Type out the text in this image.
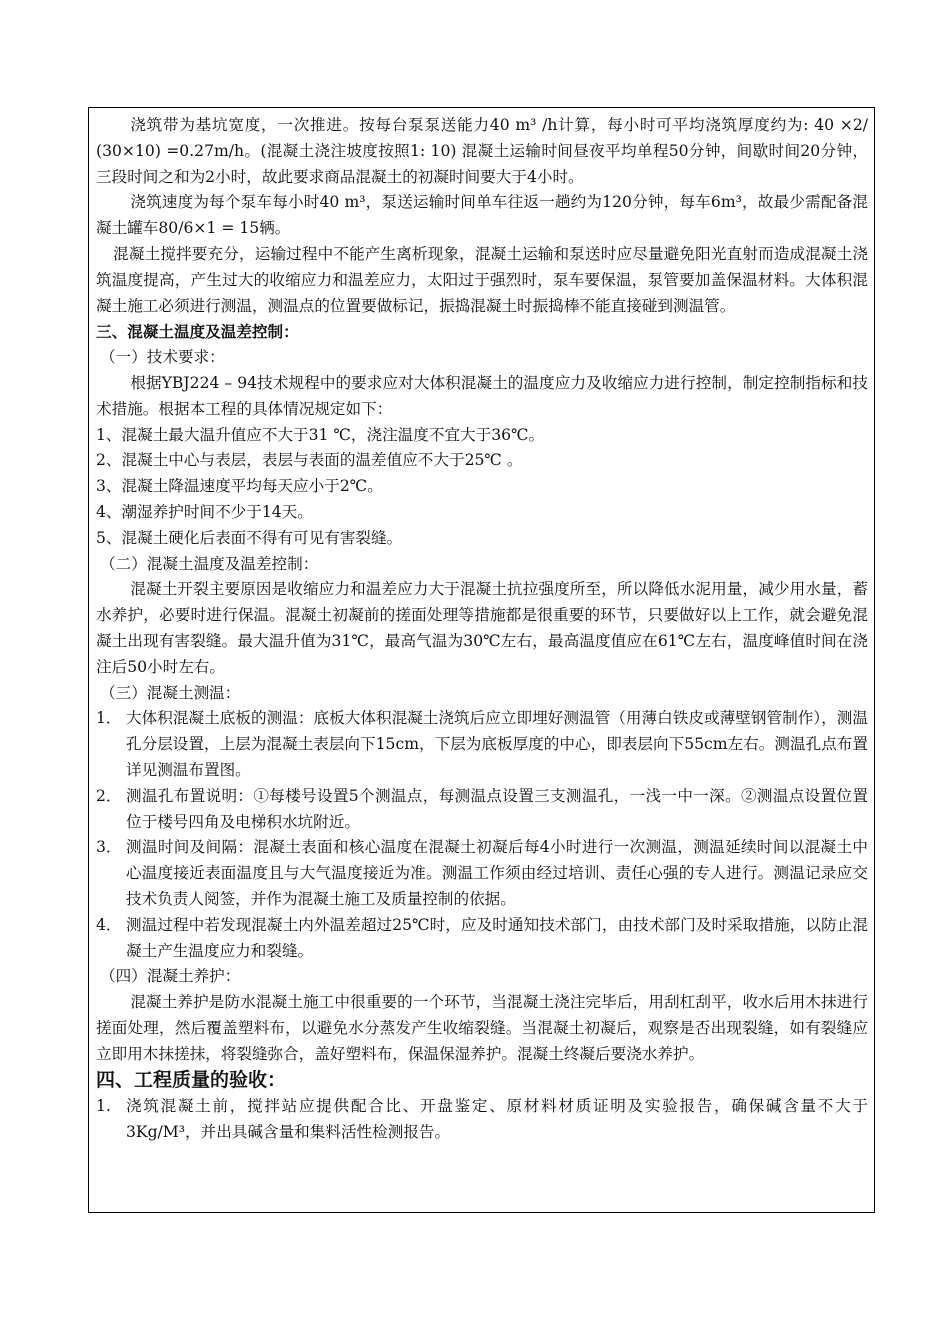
浇筑带为基坑宽度，一次推进。按每台泵泵送能力40 m³ /h计算，每小时可平均浇筑厚度约为: 40 ×2/ (30×10) =0.27m/h。(混凝土浇注坡度按照1: 10) 混凝土运输时间昼夜平均单程50分钟，间歇时间20分钟，三段时间之和为2小时，故此要求商品混凝土的初凝时间要大于4小时。

浇筑速度为每个泵车每小时40 m³，泵送运输时间单车往返一趟约为120分钟，每车6m³，故最少需配备混凝土罐车80/6×1 = 15辆。

混凝土搅拌要充分，运输过程中不能产生离析现象，混凝土运输和泵送时应尽量避免阳光直射而造成混凝土浇筑温度提高，产生过大的收缩应力和温差应力，太阳过于强烈时，泵车要保温，泵管要加盖保温材料。大体积混凝土施工必须进行测温，测温点的位置要做标记，振捣混凝土时振捣棒不能直接碰到测温管。

三、混凝土温度及温差控制：

（一）技术要求：

根据YBJ224 – 94技术规程中的要求应对大体积混凝土的温度应力及收缩应力进行控制，制定控制指标和技术措施。根据本工程的具体情况规定如下：

1、混凝土最大温升值应不大于31 ℃，浇注温度不宜大于36℃。

2、混凝土中心与表层，表层与表面的温差值应不大于25℃ 。

3、混凝土降温速度平均每天应小于2℃。

4、潮湿养护时间不少于14天。

5、混凝土硬化后表面不得有可见有害裂缝。

（二）混凝土温度及温差控制：

混凝土开裂主要原因是收缩应力和温差应力大于混凝土抗拉强度所至，所以降低水泥用量，减少用水量，蓄水养护，必要时进行保温。混凝土初凝前的搓面处理等措施都是很重要的环节，只要做好以上工作，就会避免混凝土出现有害裂缝。最大温升值为31℃，最高气温为30℃左右，最高温度值应在61℃左右，温度峰值时间在浇注后50小时左右。

（三）混凝土测温：

1． 大体积混凝土底板的测温：底板大体积混凝土浇筑后应立即埋好测温管（用薄白铁皮或薄壁钢管制作），测温孔分层设置，上层为混凝土表层向下15cm，下层为底板厚度的中心，即表层向下55cm左右。测温孔点布置详见测温布置图。
2． 测温孔布置说明：①每楼号设置5个测温点，每测温点设置三支测温孔，一浅一中一深。②测温点设置位置位于楼号四角及电梯积水坑附近。
3． 测温时间及间隔：混凝土表面和核心温度在混凝土初凝后每4小时进行一次测温，测温延续时间以混凝土中心温度接近表面温度且与大气温度接近为准。测温工作须由经过培训、责任心强的专人进行。测温记录应交技术负责人阅签，并作为混凝土施工及质量控制的依据。
4． 测温过程中若发现混凝土内外温差超过25℃时，应及时通知技术部门，由技术部门及时采取措施，以防止混凝土产生温度应力和裂缝。

（四）混凝土养护：

混凝土养护是防水混凝土施工中很重要的一个环节，当混凝土浇注完毕后，用刮杠刮平，收水后用木抹进行搓面处理，然后覆盖塑料布，以避免水分蒸发产生收缩裂缝。当混凝土初凝后，观察是否出现裂缝，如有裂缝应立即用木抹搓抹，将裂缝弥合，盖好塑料布，保温保湿养护。混凝土终凝后要浇水养护。

四、工程质量的验收：

1. 浇筑混凝土前，搅拌站应提供配合比、开盘鉴定、原材料材质证明及实验报告，确保碱含量不大于3Kg/M³，并出具碱含量和集料活性检测报告。
